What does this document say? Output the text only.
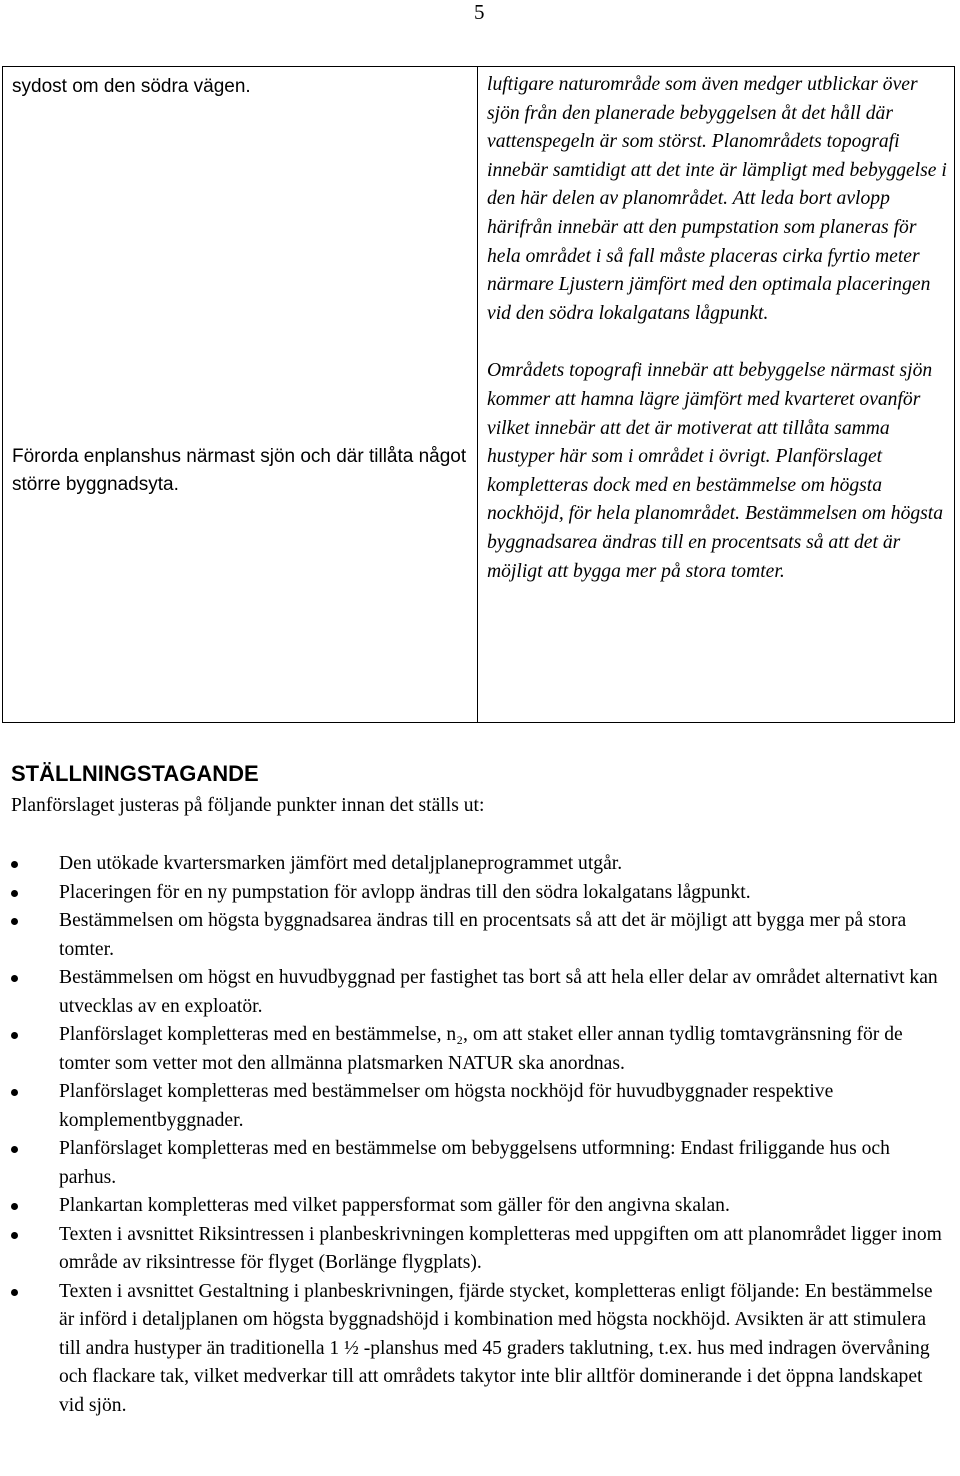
5

sydost om den södra vägen.

Förorda enplanshus närmast sjön och där tillåta något större byggnadsyta.

luftigare naturområde som även medger utblickar över sjön från den planerade bebyggelsen åt det håll där vattenspegeln är som störst. Planområdets topografi innebär samtidigt att det inte är lämpligt med bebyggelse i den här delen av planområdet. Att leda bort avlopp härifrån innebär att den pumpstation som planeras för hela området i så fall måste placeras cirka fyrtio meter närmare Ljustern jämfört med den optimala placeringen vid den södra lokalgatans lågpunkt.

Områdets topografi innebär att bebyggelse närmast sjön kommer att hamna lägre jämfört med kvarteret ovanför vilket innebär att det är motiverat att tillåta samma hustyper här som i området i övrigt. Planförslaget kompletteras dock med en bestämmelse om högsta nockhöjd, för hela planområdet. Bestämmelsen om högsta byggnadsarea ändras till en procentsats så att det är möjligt att bygga mer på stora tomter.

STÄLLNINGSTAGANDE

Planförslaget justeras på följande punkter innan det ställs ut:

Den utökade kvartersmarken jämfört med detaljplaneprogrammet utgår.
Placeringen för en ny pumpstation för avlopp ändras till den södra lokalgatans lågpunkt.
Bestämmelsen om högsta byggnadsarea ändras till en procentsats så att det är möjligt att bygga mer på stora tomter.
Bestämmelsen om högst en huvudbyggnad per fastighet tas bort så att hela eller delar av området alternativt kan utvecklas av en exploatör.
Planförslaget kompletteras med en bestämmelse, n₂, om att staket eller annan tydlig tomtavgränsning för de tomter som vetter mot den allmänna platsmarken NATUR ska anordnas.
Planförslaget kompletteras med bestämmelser om högsta nockhöjd för huvudbyggnader respektive komplementbyggnader.
Planförslaget kompletteras med en bestämmelse om bebyggelsens utformning: Endast friliggande hus och parhus.
Plankartan kompletteras med vilket pappersformat som gäller för den angivna skalan.
Texten i avsnittet Riksintressen i planbeskrivningen kompletteras med uppgiften om att planområdet ligger inom område av riksintresse för flyget (Borlänge flygplats).
Texten i avsnittet Gestaltning i planbeskrivningen, fjärde stycket, kompletteras enligt följande: En bestämmelse är införd i detaljplanen om högsta byggnadshöjd i kombination med högsta nockhöjd. Avsikten är att stimulera till andra hustyper än traditionella 1 ½ -planshus med 45 graders taklutning, t.ex. hus med indragen övervåning och flackare tak, vilket medverkar till att områdets takytor inte blir alltför dominerande i det öppna landskapet vid sjön.
